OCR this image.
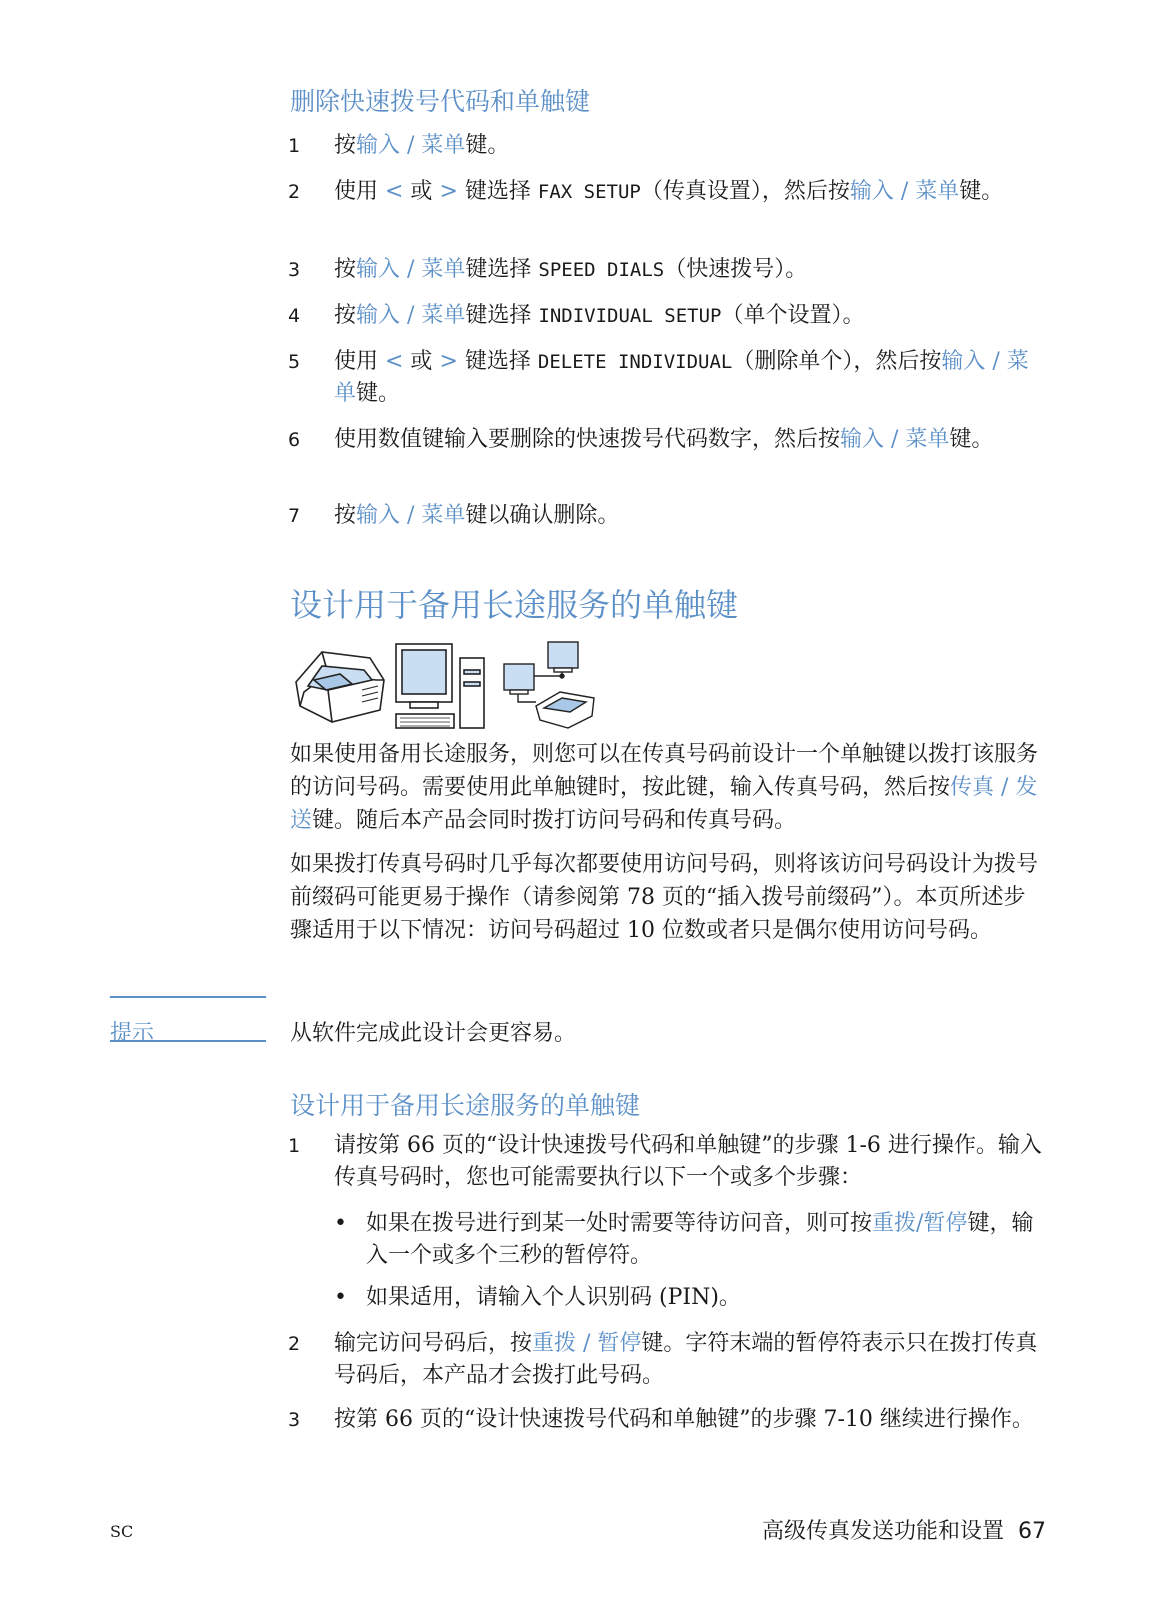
删除快速拨号代码和单触键
1	按输入 / 菜单键。
2	使用 < 或 > 键选择 FAX SETUP（传真设置），然后按输入 / 菜单键。
3	按输入 / 菜单键选择 SPEED DIALS（快速拨号）。
4	按输入 / 菜单键选择 INDIVIDUAL SETUP（单个设置）。
5	使用 < 或 > 键选择 DELETE INDIVIDUAL（删除单个），然后按输入 / 菜单键。
6	使用数值键输入要删除的快速拨号代码数字，然后按输入 / 菜单键。
7	按输入 / 菜单键以确认删除。
设计用于备用长途服务的单触键

如果使用备用长途服务，则您可以在传真号码前设计一个单触键以拨打该服务的访问号码。需要使用此单触键时，按此键，输入传真号码，然后按传真 / 发送键。随后本产品会同时拨打访问号码和传真号码。

如果拨打传真号码时几乎每次都要使用访问号码，则将该访问号码设计为拨号前缀码可能更易于操作（请参阅第 78 页的“插入拨号前缀码”）。本页所述步骤适用于以下情况：访问号码超过 10 位数或者只是偶尔使用访问号码。

提示	从软件完成此设计会更容易。
设计用于备用长途服务的单触键
1	请按第 66 页的“设计快速拨号代码和单触键”的步骤 1-6 进行操作。输入传真号码时，您也可能需要执行以下一个或多个步骤：
• 如果在拨号进行到某一处时需要等待访问音，则可按重拨/暂停键，输入一个或多个三秒的暂停符。
• 如果适用，请输入个人识别码 (PIN)。
2	输完访问号码后，按重拨 / 暂停键。字符末端的暂停符表示只在拨打传真号码后，本产品才会拨打此号码。
3	按第 66 页的“设计快速拨号代码和单触键”的步骤 7-10 继续进行操作。
SC	高级传真发送功能和设置 67
